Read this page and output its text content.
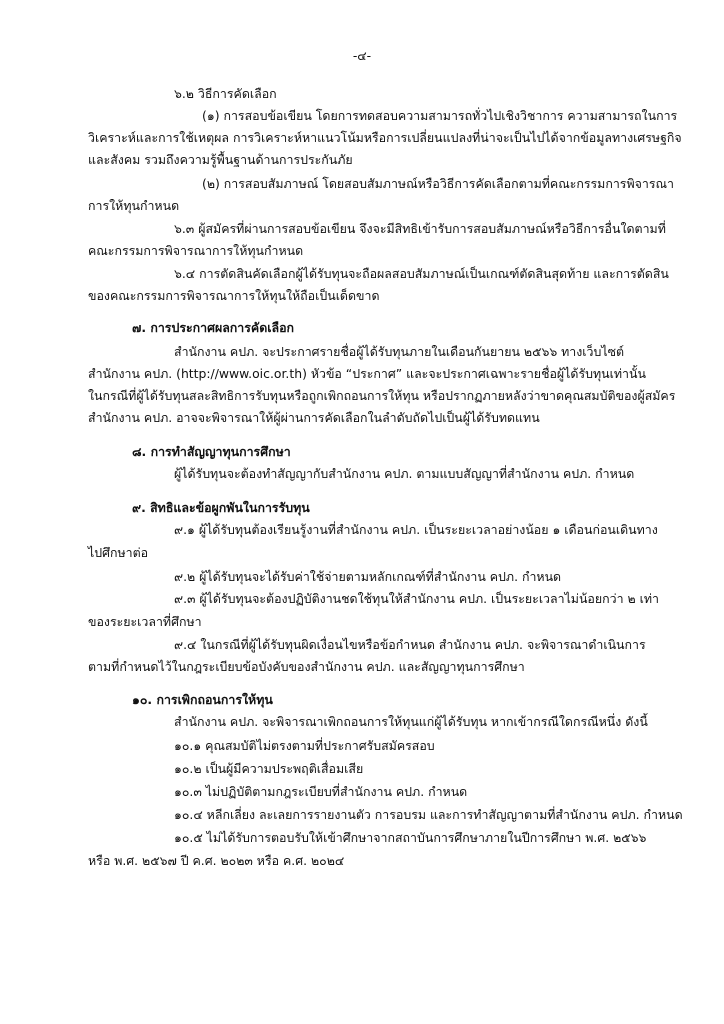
-๔-
๖.๒ วิธีการคัดเลือก
(๑) การสอบข้อเขียน โดยการทดสอบความสามารถทั่วไปเชิงวิชาการ ความสามารถในการ
วิเคราะห์และการใช้เหตุผล การวิเคราะห์หาแนวโน้มหรือการเปลี่ยนแปลงที่น่าจะเป็นไปได้จากข้อมูลทางเศรษฐกิจ
และสังคม รวมถึงความรู้พื้นฐานด้านการประกันภัย
(๒) การสอบสัมภาษณ์ โดยสอบสัมภาษณ์หรือวิธีการคัดเลือกตามที่คณะกรรมการพิจารณา
การให้ทุนกำหนด
๖.๓ ผู้สมัครที่ผ่านการสอบข้อเขียน จึงจะมีสิทธิเข้ารับการสอบสัมภาษณ์หรือวิธีการอื่นใดตามที่
คณะกรรมการพิจารณาการให้ทุนกำหนด
๖.๔ การตัดสินคัดเลือกผู้ได้รับทุนจะถือผลสอบสัมภาษณ์เป็นเกณฑ์ตัดสินสุดท้าย และการตัดสิน
ของคณะกรรมการพิจารณาการให้ทุนให้ถือเป็นเด็ดขาด
๗. การประกาศผลการคัดเลือก
สำนักงาน คปภ. จะประกาศรายชื่อผู้ได้รับทุนภายในเดือนกันยายน ๒๕๖๖ ทางเว็บไซต์
สำนักงาน คปภ. (http://www.oic.or.th) หัวข้อ “ประกาศ” และจะประกาศเฉพาะรายชื่อผู้ได้รับทุนเท่านั้น
ในกรณีที่ผู้ได้รับทุนสละสิทธิการรับทุนหรือถูกเพิกถอนการให้ทุน หรือปรากฏภายหลังว่าขาดคุณสมบัติของผู้สมัคร
สำนักงาน คปภ. อาจจะพิจารณาให้ผู้ผ่านการคัดเลือกในลำดับถัดไปเป็นผู้ได้รับทดแทน
๘. การทำสัญญาทุนการศึกษา
ผู้ได้รับทุนจะต้องทำสัญญากับสำนักงาน คปภ. ตามแบบสัญญาที่สำนักงาน คปภ. กำหนด
๙. สิทธิและข้อผูกพันในการรับทุน
๙.๑ ผู้ได้รับทุนต้องเรียนรู้งานที่สำนักงาน คปภ. เป็นระยะเวลาอย่างน้อย ๑ เดือนก่อนเดินทาง
ไปศึกษาต่อ
๙.๒ ผู้ได้รับทุนจะได้รับค่าใช้จ่ายตามหลักเกณฑ์ที่สำนักงาน คปภ. กำหนด
๙.๓ ผู้ได้รับทุนจะต้องปฏิบัติงานชดใช้ทุนให้สำนักงาน คปภ. เป็นระยะเวลาไม่น้อยกว่า ๒ เท่า
ของระยะเวลาที่ศึกษา
๙.๔ ในกรณีที่ผู้ได้รับทุนผิดเงื่อนไขหรือข้อกำหนด สำนักงาน คปภ. จะพิจารณาดำเนินการ
ตามที่กำหนดไว้ในกฎระเบียบข้อบังคับของสำนักงาน คปภ. และสัญญาทุนการศึกษา
๑๐. การเพิกถอนการให้ทุน
สำนักงาน คปภ. จะพิจารณาเพิกถอนการให้ทุนแก่ผู้ได้รับทุน หากเข้ากรณีใดกรณีหนึ่ง ดังนี้
๑๐.๑ คุณสมบัติไม่ตรงตามที่ประกาศรับสมัครสอบ
๑๐.๒ เป็นผู้มีความประพฤติเสื่อมเสีย
๑๐.๓ ไม่ปฏิบัติตามกฎระเบียบที่สำนักงาน คปภ. กำหนด
๑๐.๔ หลีกเลี่ยง ละเลยการรายงานตัว การอบรม และการทำสัญญาตามที่สำนักงาน คปภ. กำหนด
๑๐.๕ ไม่ได้รับการตอบรับให้เข้าศึกษาจากสถาบันการศึกษาภายในปีการศึกษา พ.ศ. ๒๕๖๖
หรือ พ.ศ. ๒๕๖๗ ปี ค.ศ. ๒๐๒๓ หรือ ค.ศ. ๒๐๒๔
